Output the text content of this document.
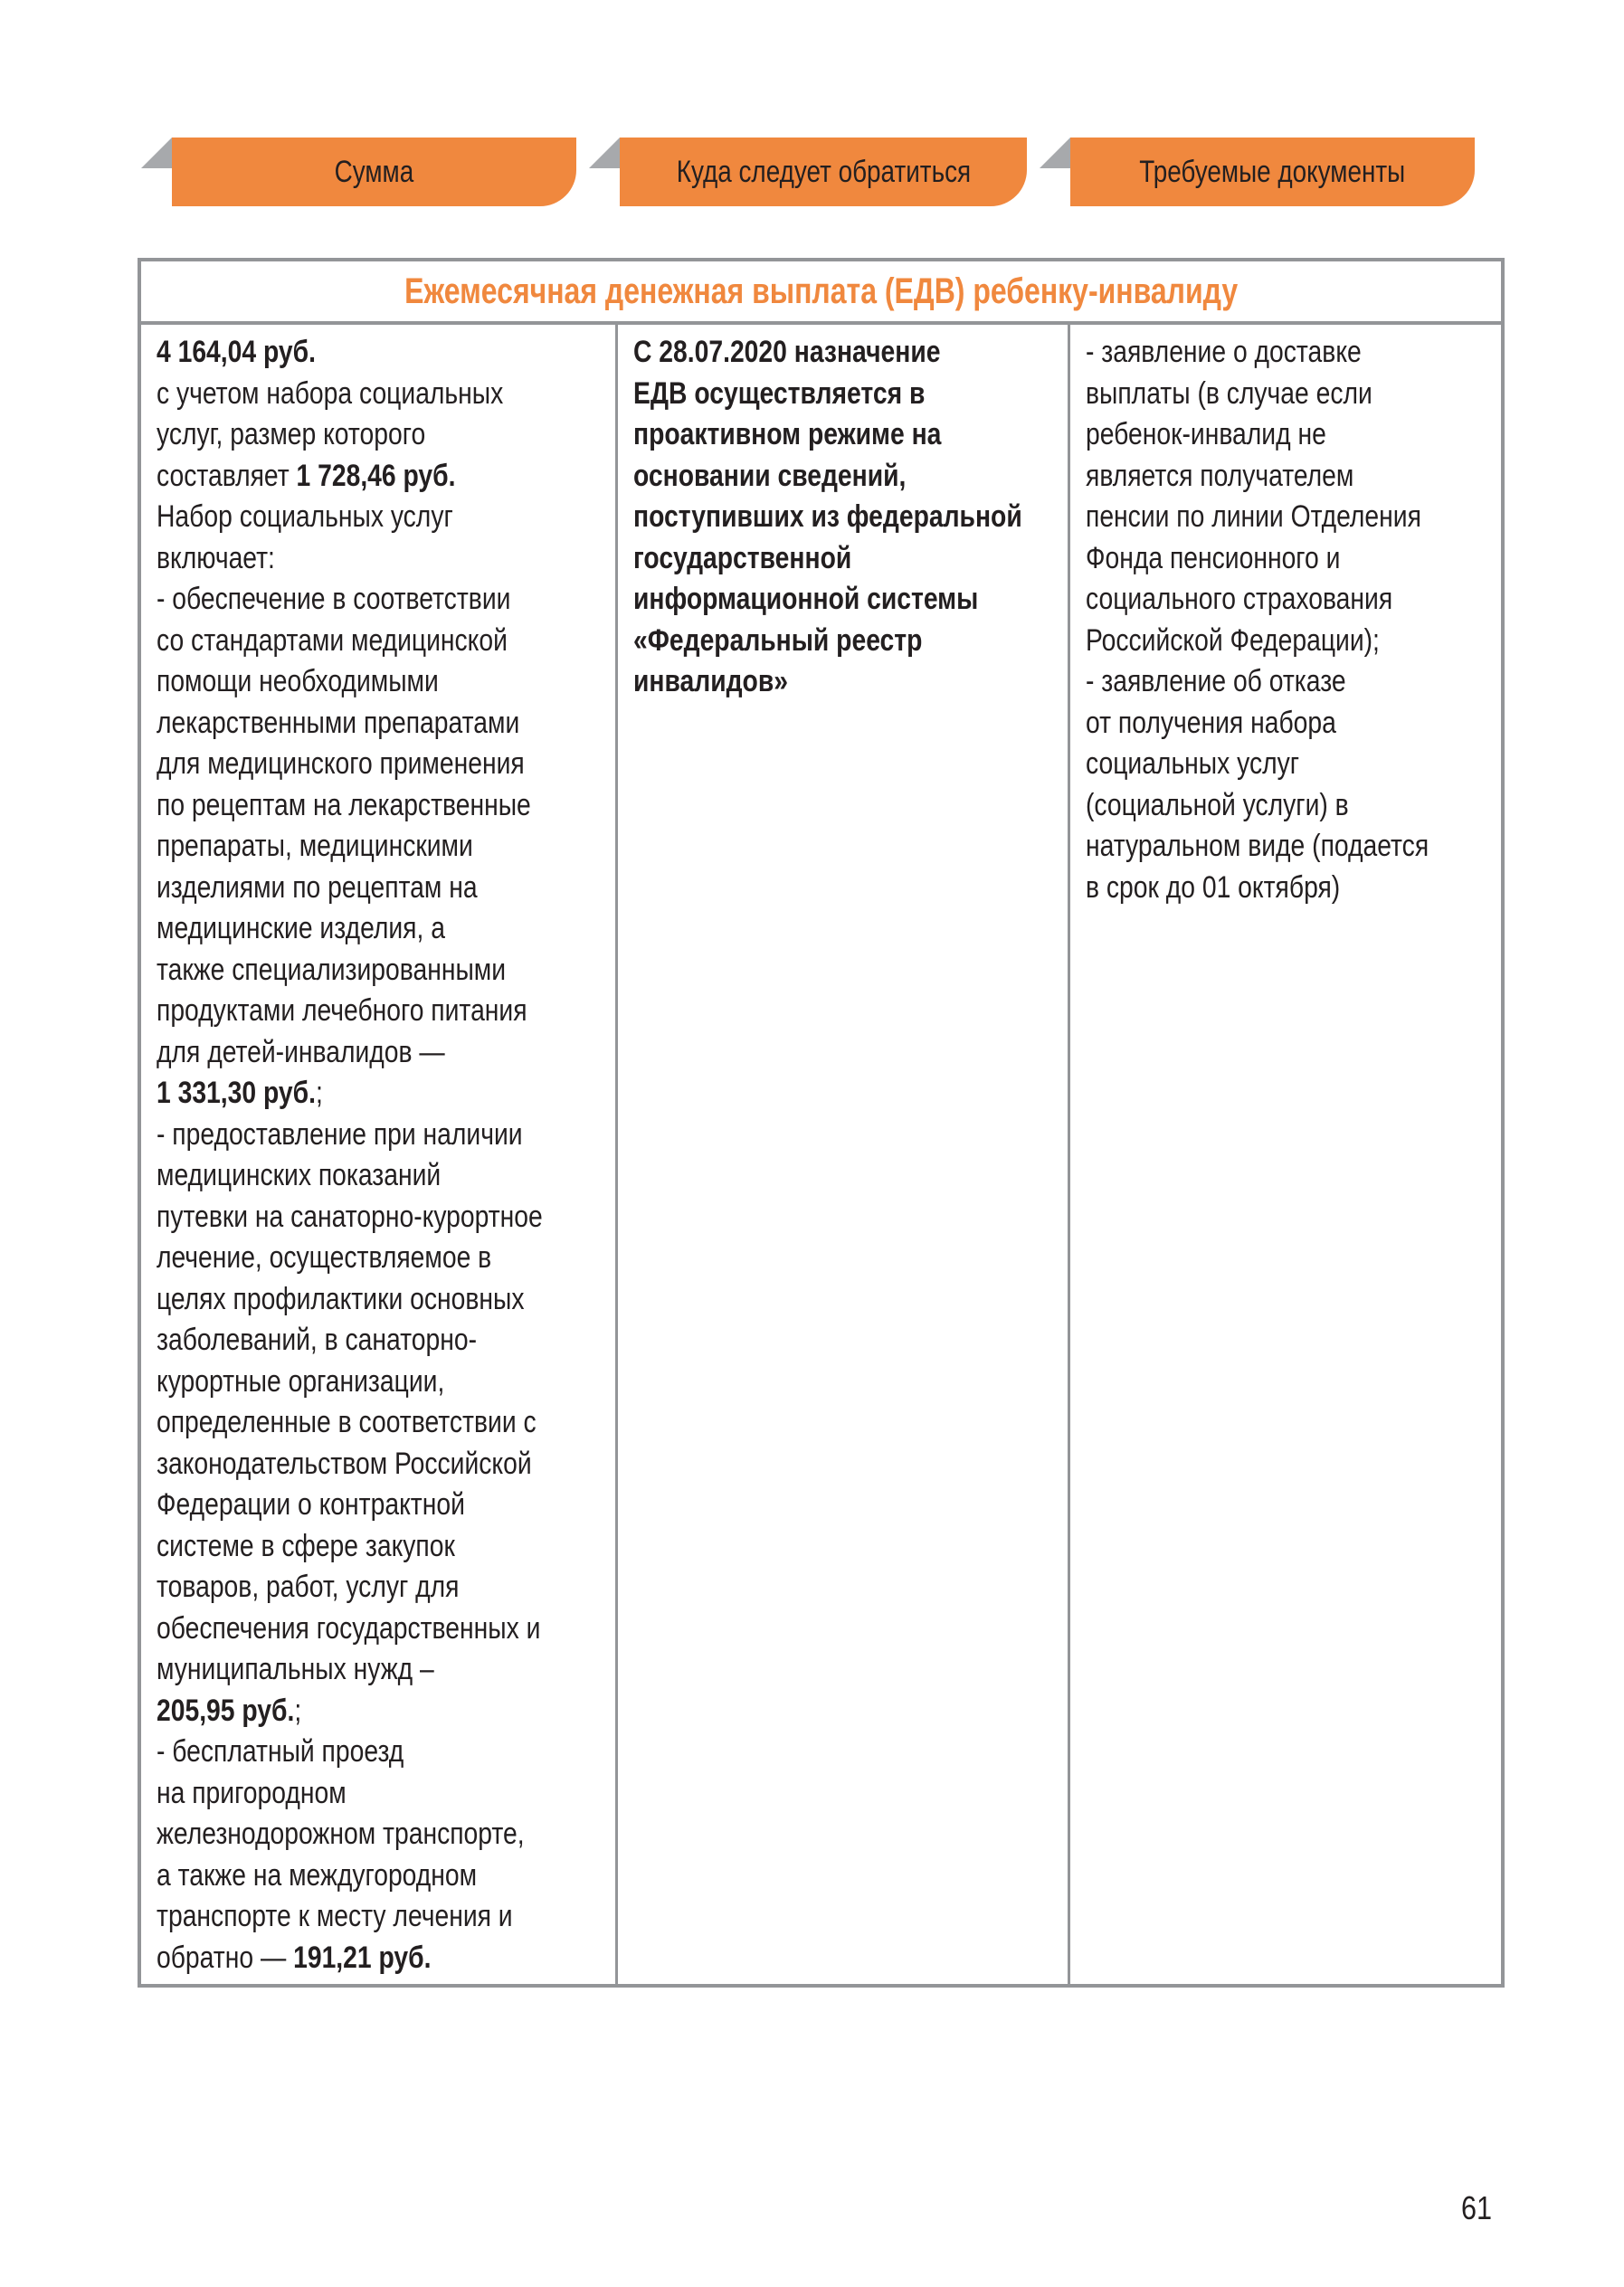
Сумма	Куда следует обратиться	Требуемые документы
Ежемесячная денежная выплата (ЕДВ) ребенку-инвалиду
4 164,04 руб.
с учетом набора социальных
услуг, размер которого
составляет 1 728,46 руб.
Набор социальных услуг
включает:
- обеспечение в соответствии
со стандартами медицинской
помощи необходимыми
лекарственными препаратами
для медицинского применения
по рецептам на лекарственные
препараты, медицинскими
изделиями по рецептам на
медицинские изделия, а
также специализированными
продуктами лечебного питания
для детей-инвалидов —
1 331,30 руб.;
- предоставление при наличии
медицинских показаний
путевки на санаторно-курортное
лечение, осуществляемое в
целях профилактики основных
заболеваний, в санаторно-
курортные организации,
определенные в соответствии с
законодательством Российской
Федерации о контрактной
системе в сфере закупок
товаров, работ, услуг для
обеспечения государственных и
муниципальных нужд –
205,95 руб.;
- бесплатный проезд
на пригородном
железнодорожном транспорте,
а также на междугородном
транспорте к месту лечения и
обратно — 191,21 руб.
С 28.07.2020 назначение
ЕДВ осуществляется в
проактивном режиме на
основании сведений,
поступивших из федеральной
государственной
информационной системы
«Федеральный реестр
инвалидов»
- заявление о доставке
выплаты (в случае если
ребенок-инвалид не
является получателем
пенсии по линии Отделения
Фонда пенсионного и
социального страхования
Российской Федерации);
- заявление об отказе
от получения набора
социальных услуг
(социальной услуги) в
натуральном виде (подается
в срок до 01 октября)
61
